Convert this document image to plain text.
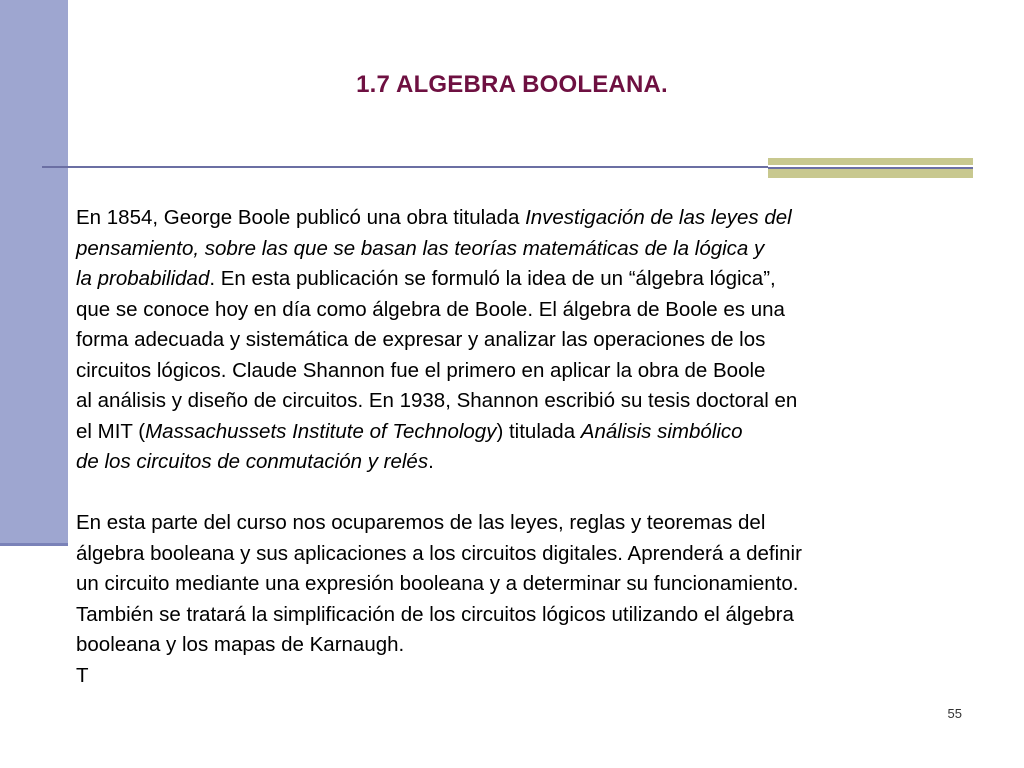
1.7 ALGEBRA BOOLEANA.
En 1854, George Boole publicó una obra titulada Investigación de las leyes del
pensamiento, sobre las que se basan las teorías matemáticas de la lógica y
la probabilidad. En esta publicación se formuló la idea de un “álgebra lógica”,
que se conoce hoy en día como álgebra de Boole. El álgebra de Boole es una
forma adecuada y sistemática de expresar y analizar las operaciones de los
circuitos lógicos. Claude Shannon fue el primero en aplicar la obra de Boole
al análisis y diseño de circuitos. En 1938, Shannon escribió su tesis doctoral en
el MIT (Massachussets Institute of Technology) titulada Análisis simbólico
de los circuitos de conmutación y relés.
En esta parte del curso nos ocuparemos de las leyes, reglas y teoremas del
álgebra booleana y sus aplicaciones a los circuitos digitales. Aprenderá a definir
un circuito mediante una expresión booleana y a determinar su funcionamiento.
También se tratará la simplificación de los circuitos lógicos utilizando el álgebra
booleana y los mapas de Karnaugh.
T
55
